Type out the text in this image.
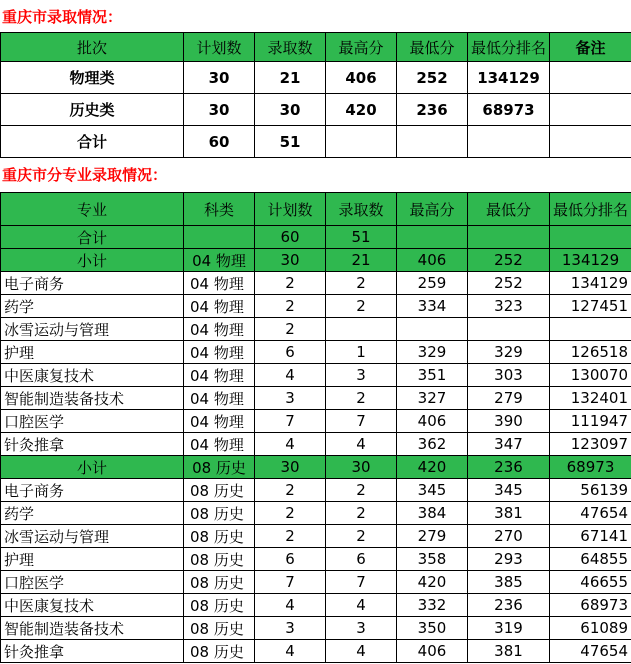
重庆市录取情况：
批次	计划数	录取数	最高分	最低分	最低分排名	备注
物理类	30	21	406	252	134129	
历史类	30	30	420	236	68973	
合计	60	51				
重庆市分专业录取情况：
专业	科类	计划数	录取数	最高分	最低分	最低分排名
合计		60	51			
小计	04 物理	30	21	406	252	134129
电子商务	04 物理	2	2	259	252	134129
药学	04 物理	2	2	334	323	127451
冰雪运动与管理	04 物理	2				
护理	04 物理	6	1	329	329	126518
中医康复技术	04 物理	4	3	351	303	130070
智能制造装备技术	04 物理	3	2	327	279	132401
口腔医学	04 物理	7	7	406	390	111947
针灸推拿	04 物理	4	4	362	347	123097
小计	08 历史	30	30	420	236	68973
电子商务	08 历史	2	2	345	345	56139
药学	08 历史	2	2	384	381	47654
冰雪运动与管理	08 历史	2	2	279	270	67141
护理	08 历史	6	6	358	293	64855
口腔医学	08 历史	7	7	420	385	46655
中医康复技术	08 历史	4	4	332	236	68973
智能制造装备技术	08 历史	3	3	350	319	61089
针灸推拿	08 历史	4	4	406	381	47654
